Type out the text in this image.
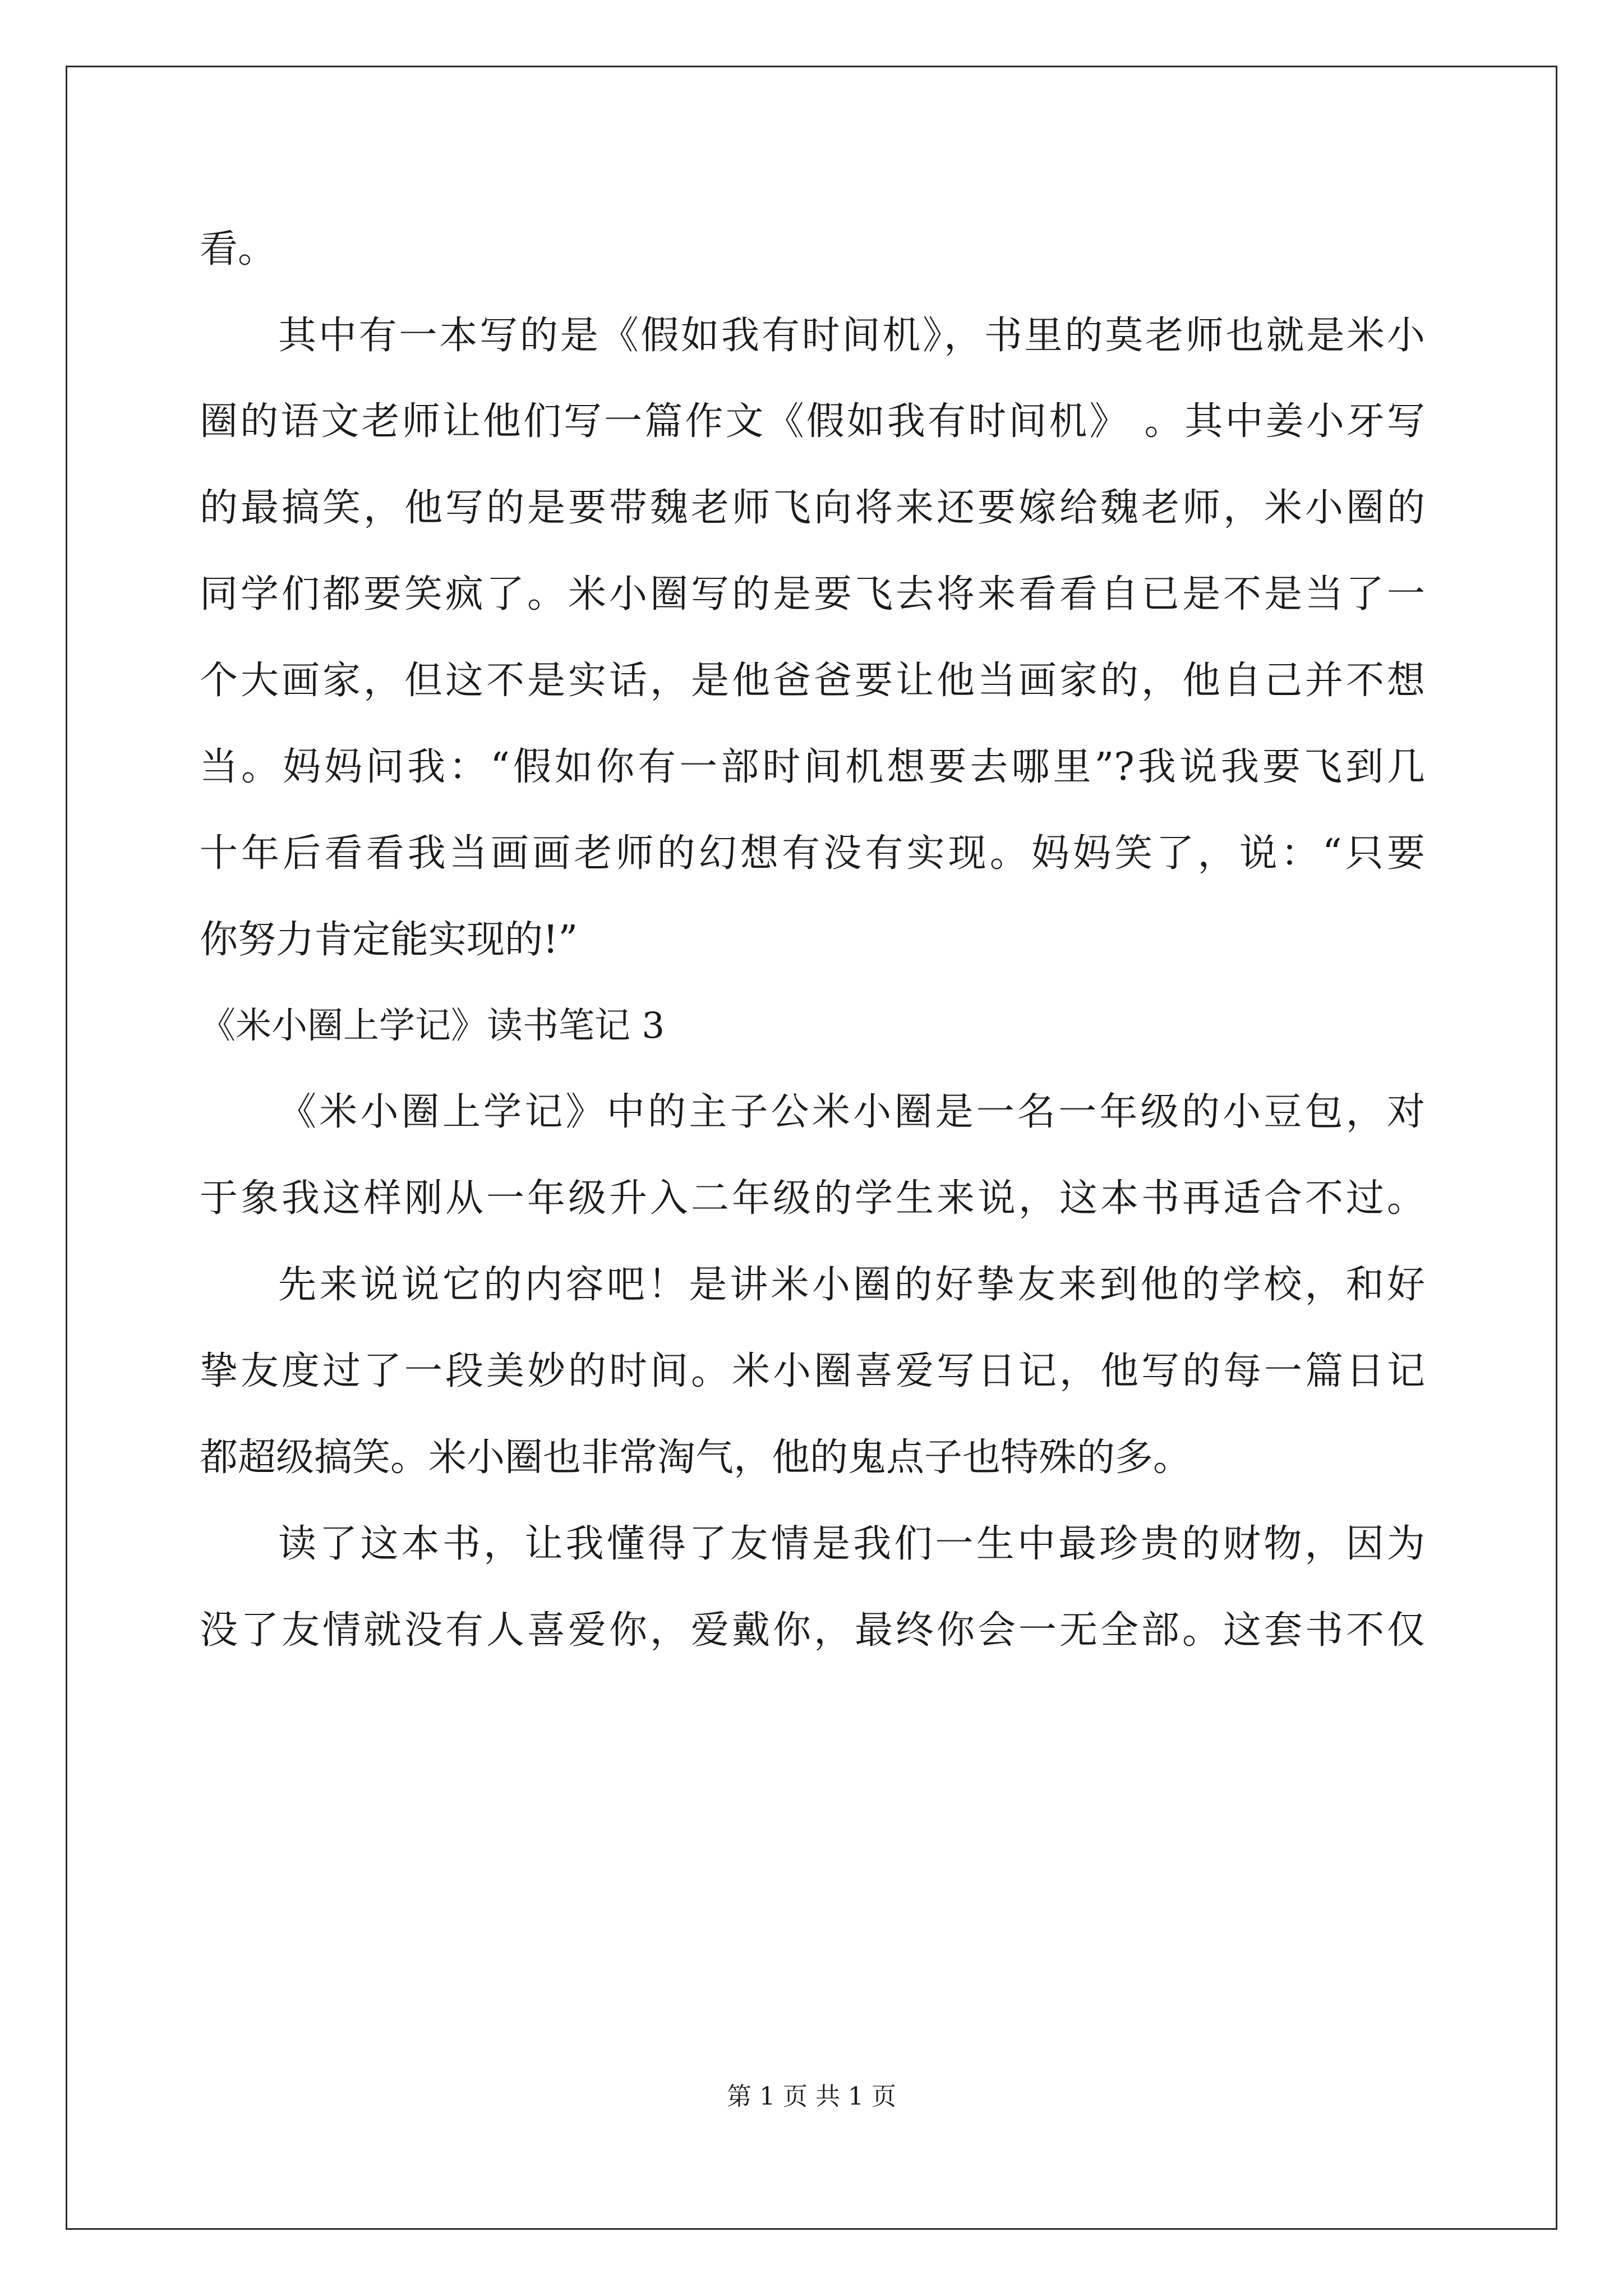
看。
其中有一本写的是《假如我有时间机》，书里的莫老师也就是米小
圈的语文老师让他们写一篇作文《假如我有时间机》 。其中姜小牙写
的最搞笑，他写的是要带魏老师飞向将来还要嫁给魏老师，米小圈的
同学们都要笑疯了。米小圈写的是要飞去将来看看自已是不是当了一
个大画家，但这不是实话，是他爸爸要让他当画家的，他自己并不想
当。妈妈问我：“假如你有一部时间机想要去哪里”?我说我要飞到几
十年后看看我当画画老师的幻想有没有实现。妈妈笑了，说：“只要
你努力肯定能实现的!”
《米小圈上学记》读书笔记 3
《米小圈上学记》中的主子公米小圈是一名一年级的小豆包，对
于象我这样刚从一年级升入二年级的学生来说，这本书再适合不过。
先来说说它的内容吧！是讲米小圈的好挚友来到他的学校，和好
挚友度过了一段美妙的时间。米小圈喜爱写日记，他写的每一篇日记
都超级搞笑。米小圈也非常淘气，他的鬼点子也特殊的多。
读了这本书，让我懂得了友情是我们一生中最珍贵的财物，因为
没了友情就没有人喜爱你，爱戴你，最终你会一无全部。这套书不仅
第 1 页 共 1 页
